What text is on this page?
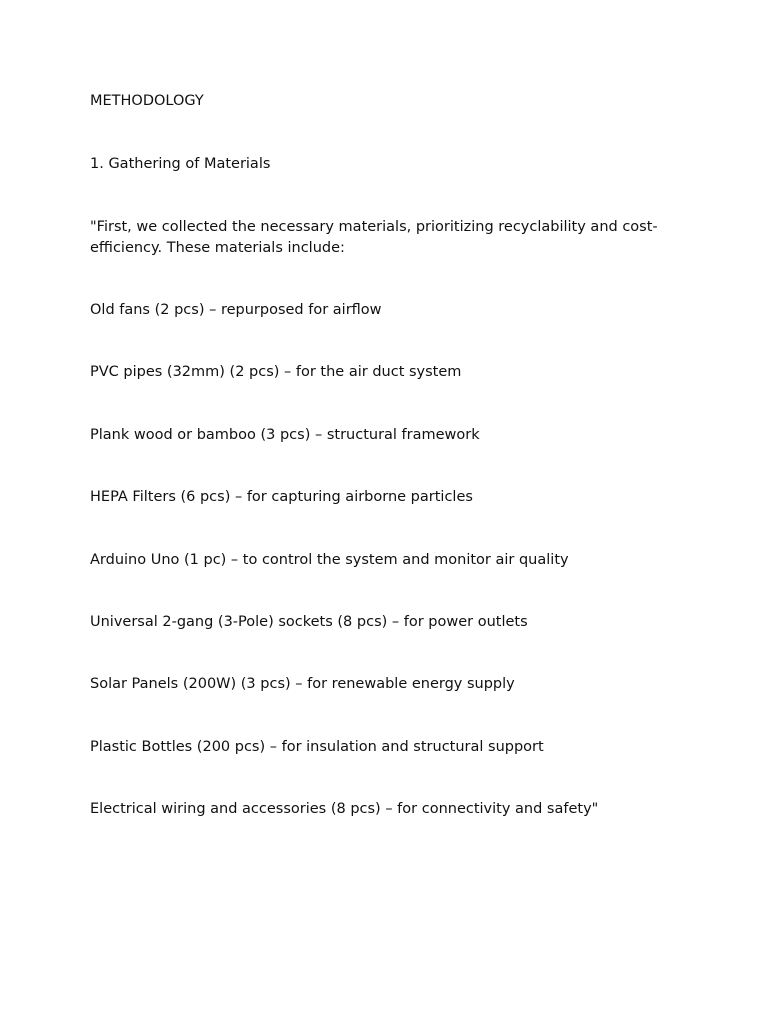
METHODOLOGY

1. Gathering of Materials

"First, we collected the necessary materials, prioritizing recyclability and cost-efficiency. These materials include:

Old fans (2 pcs) – repurposed for airflow

PVC pipes (32mm) (2 pcs) – for the air duct system

Plank wood or bamboo (3 pcs) – structural framework

HEPA Filters (6 pcs) – for capturing airborne particles

Arduino Uno (1 pc) – to control the system and monitor air quality

Universal 2-gang (3-Pole) sockets (8 pcs) – for power outlets

Solar Panels (200W) (3 pcs) – for renewable energy supply

Plastic Bottles (200 pcs) – for insulation and structural support

Electrical wiring and accessories (8 pcs) – for connectivity and safety"
